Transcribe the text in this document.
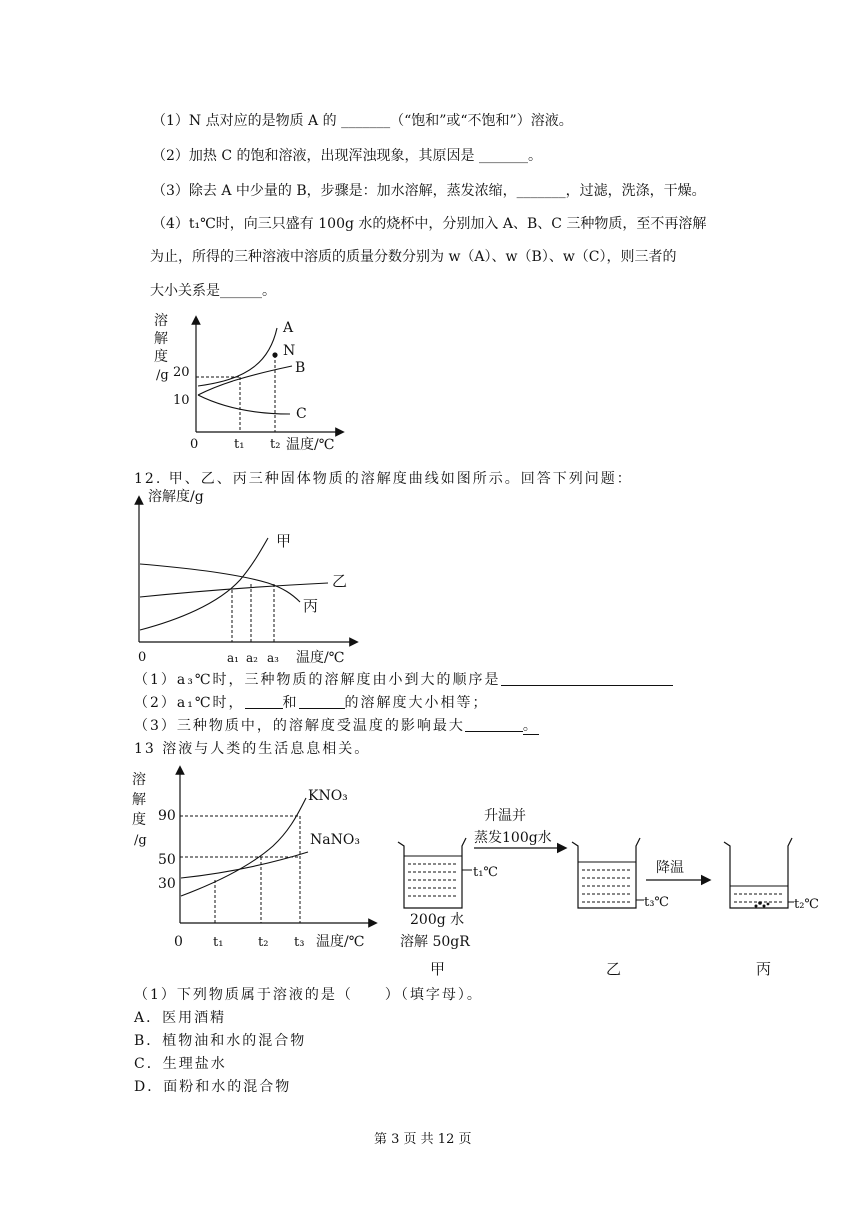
（1）N 点对应的是物质 A 的 _______（“饱和”或“不饱和”）溶液。
（2）加热 C 的饱和溶液，出现浑浊现象，其原因是 _______。
（3）除去 A 中少量的 B，步骤是：加水溶解，蒸发浓缩，_______，过滤，洗涤，干燥。
（4）t₁℃时，向三只盛有 100g 水的烧杯中，分别加入 A、B、C 三种物质，至不再溶解
为止，所得的三种溶液中溶质的质量分数分别为 w（A）、w（B）、w（C），则三者的
大小关系是______。
溶
解
度
/g 20
10
0	t₁ t₂ 温度/℃
A
N
B
C
12. 甲、乙、丙三种固体物质的溶解度曲线如图所示。回答下列问题：
溶解度/g
0	a₁ a₂ a₃ 温度/℃
甲
乙
丙
（1）a₃℃时，三种物质的溶解度由小到大的顺序是
（2）a₁℃时，	和	的溶解度大小相等；
（3）三种物质中，的溶解度受温度的影响最大	。
13 溶液与人类的生活息息相关。
溶
解
度
/g
90
50
30
0 t₁	t₂ t₃ 温度/℃
KNO₃
NaNO₃
t₁℃
200g 水
溶解 50gR
甲
升温并
蒸发100g水
t₃℃
乙
降温
t₂℃
丙
（1）下列物质属于溶液的是（　　）（填字母）。
A．医用酒精
B．植物油和水的混合物
C．生理盐水
D．面粉和水的混合物
第 3 页 共 12 页
